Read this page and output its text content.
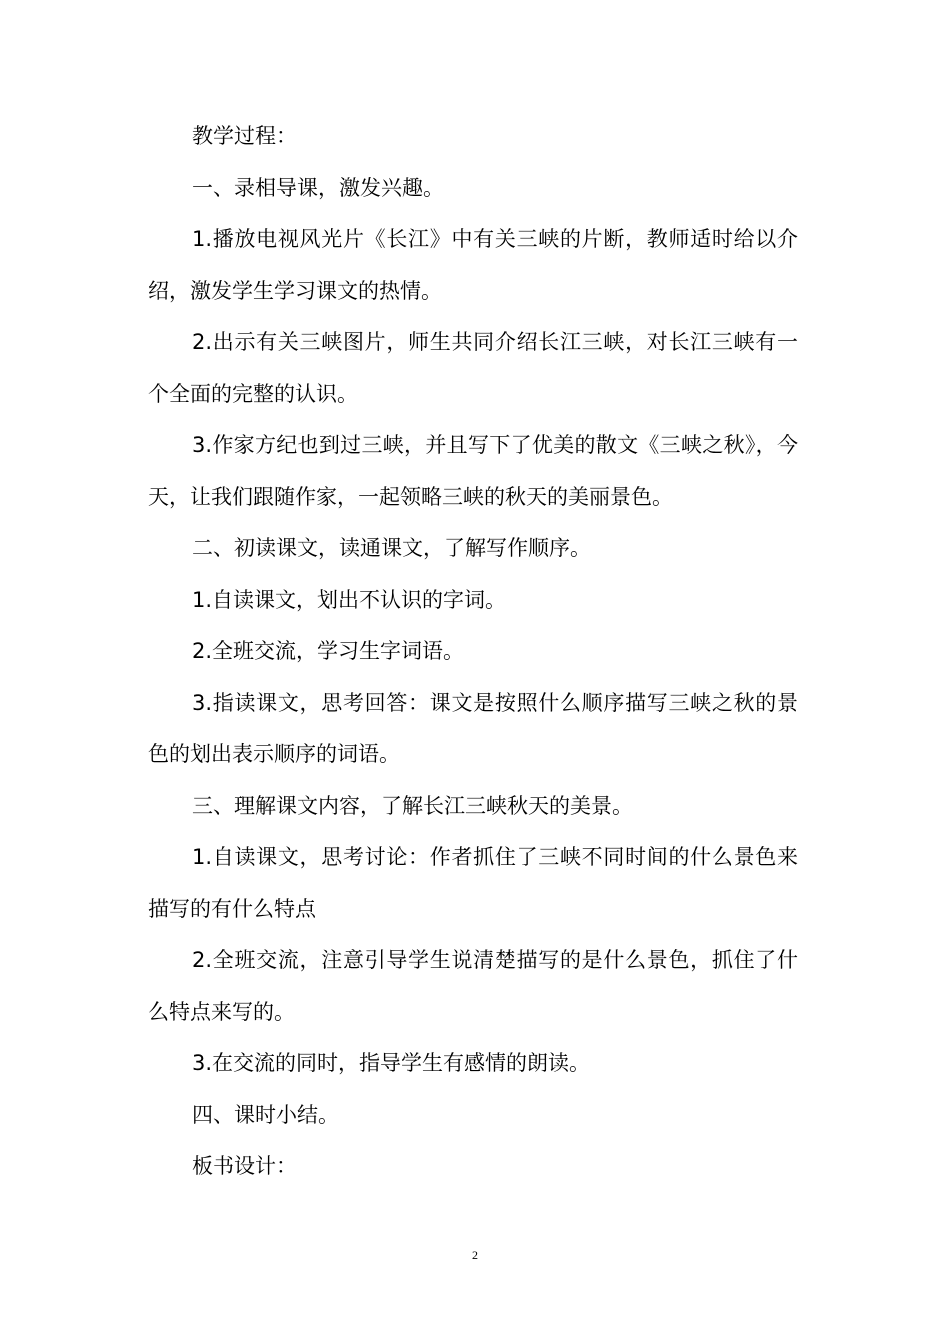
教学过程：

一、录相导课，激发兴趣。

1.播放电视风光片《长江》中有关三峡的片断，教师适时给以介绍，激发学生学习课文的热情。

2.出示有关三峡图片，师生共同介绍长江三峡，对长江三峡有一个全面的完整的认识。

3.作家方纪也到过三峡，并且写下了优美的散文《三峡之秋》，今天，让我们跟随作家，一起领略三峡的秋天的美丽景色。

二、初读课文，读通课文，了解写作顺序。

1.自读课文，划出不认识的字词。

2.全班交流，学习生字词语。

3.指读课文，思考回答：课文是按照什么顺序描写三峡之秋的景色的划出表示顺序的词语。

三、理解课文内容，了解长江三峡秋天的美景。

1.自读课文，思考讨论：作者抓住了三峡不同时间的什么景色来描写的有什么特点

2.全班交流，注意引导学生说清楚描写的是什么景色，抓住了什么特点来写的。

3.在交流的同时，指导学生有感情的朗读。

四、课时小结。

板书设计：

2
